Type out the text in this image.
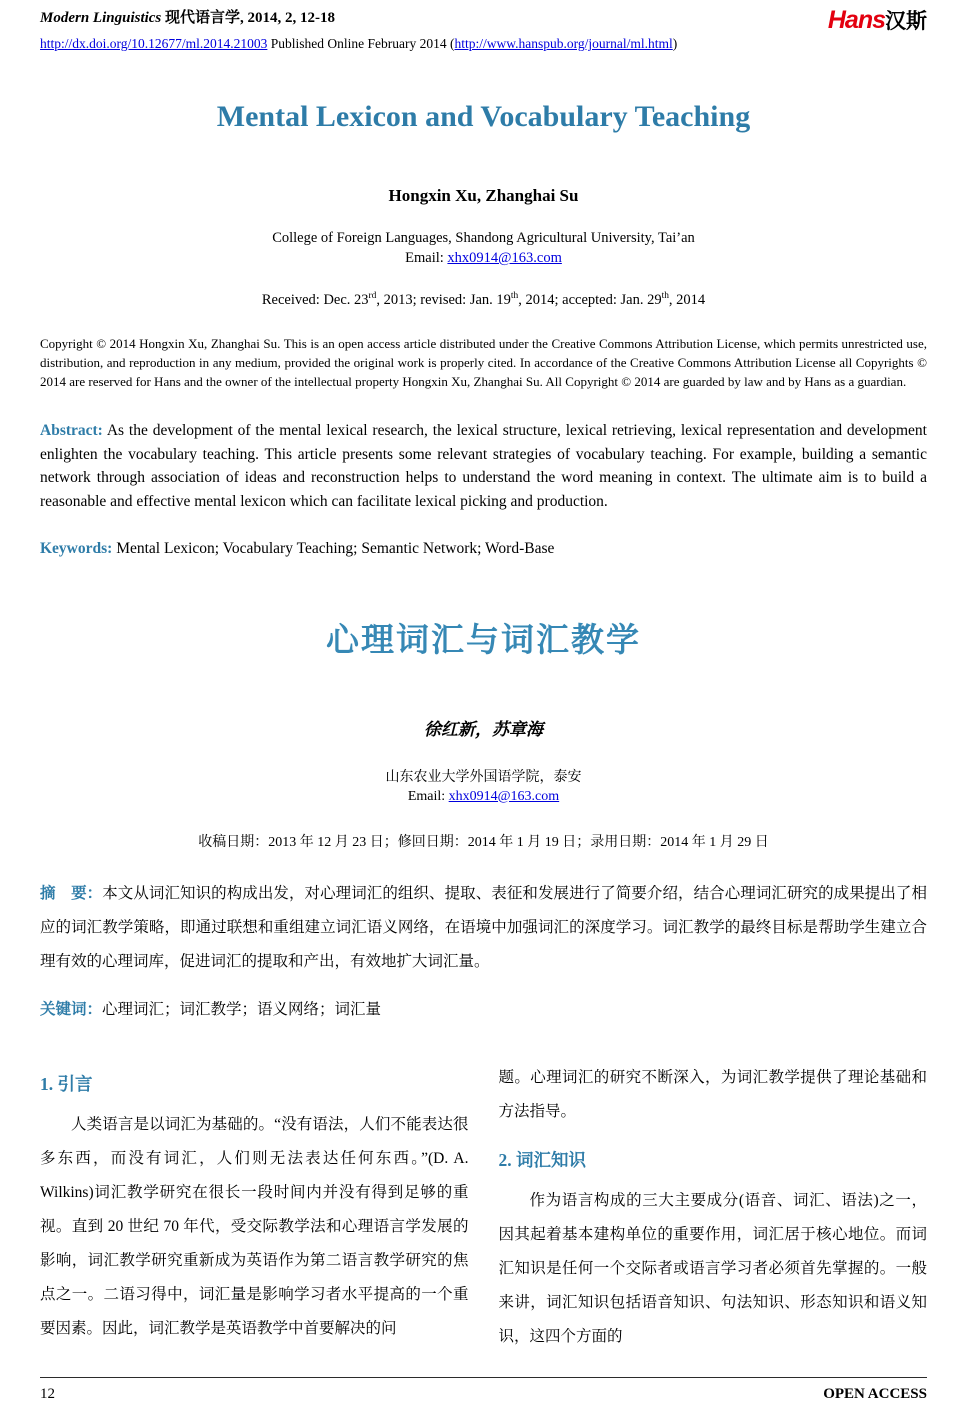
Modern Linguistics 现代语言学, 2014, 2, 12-18	Hans汉斯
http://dx.doi.org/10.12677/ml.2014.21003 Published Online February 2014 (http://www.hanspub.org/journal/ml.html)
Mental Lexicon and Vocabulary Teaching
Hongxin Xu, Zhanghai Su
College of Foreign Languages, Shandong Agricultural University, Tai’an
Email: xhx0914@163.com
Received: Dec. 23rd, 2013; revised: Jan. 19th, 2014; accepted: Jan. 29th, 2014

Copyright © 2014 Hongxin Xu, Zhanghai Su. This is an open access article distributed under the Creative Commons Attribution License, which permits unrestricted use, distribution, and reproduction in any medium, provided the original work is properly cited. In accordance of the Creative Commons Attribution License all Copyrights © 2014 are reserved for Hans and the owner of the intellectual property Hongxin Xu, Zhanghai Su. All Copyright © 2014 are guarded by law and by Hans as a guardian.

Abstract: As the development of the mental lexical research, the lexical structure, lexical retrieving, lexical representation and development enlighten the vocabulary teaching. This article presents some relevant strategies of vocabulary teaching. For example, building a semantic network through association of ideas and reconstruction helps to understand the word meaning in context. The ultimate aim is to build a reasonable and effective mental lexicon which can facilitate lexical picking and production.

Keywords: Mental Lexicon; Vocabulary Teaching; Semantic Network; Word-Base

心理词汇与词汇教学
徐红新，苏章海
山东农业大学外国语学院，泰安
Email: xhx0914@163.com
收稿日期：2013 年 12 月 23 日；修回日期：2014 年 1 月 19 日；录用日期：2014 年 1 月 29 日

摘　要：本文从词汇知识的构成出发，对心理词汇的组织、提取、表征和发展进行了简要介绍，结合心理词汇研究的成果提出了相应的词汇教学策略，即通过联想和重组建立词汇语义网络，在语境中加强词汇的深度学习。词汇教学的最终目标是帮助学生建立合理有效的心理词库，促进词汇的提取和产出，有效地扩大词汇量。

关键词：心理词汇；词汇教学；语义网络；词汇量

1. 引言

人类语言是以词汇为基础的。“没有语法，人们不能表达很多东西，而没有词汇，人们则无法表达任何东西。”(D. A. Wilkins)词汇教学研究在很长一段时间内并没有得到足够的重视。直到 20 世纪 70 年代，受交际教学法和心理语言学发展的影响，词汇教学研究重新成为英语作为第二语言教学研究的焦点之一。二语习得中，词汇量是影响学习者水平提高的一个重要因素。因此，词汇教学是英语教学中首要解决的问

题。心理词汇的研究不断深入，为词汇教学提供了理论基础和方法指导。

2. 词汇知识

作为语言构成的三大主要成分(语音、词汇、语法)之一，因其起着基本建构单位的重要作用，词汇居于核心地位。而词汇知识是任何一个交际者或语言学习者必须首先掌握的。一般来讲，词汇知识包括语音知识、句法知识、形态知识和语义知识，这四个方面的

12	OPEN ACCESS
